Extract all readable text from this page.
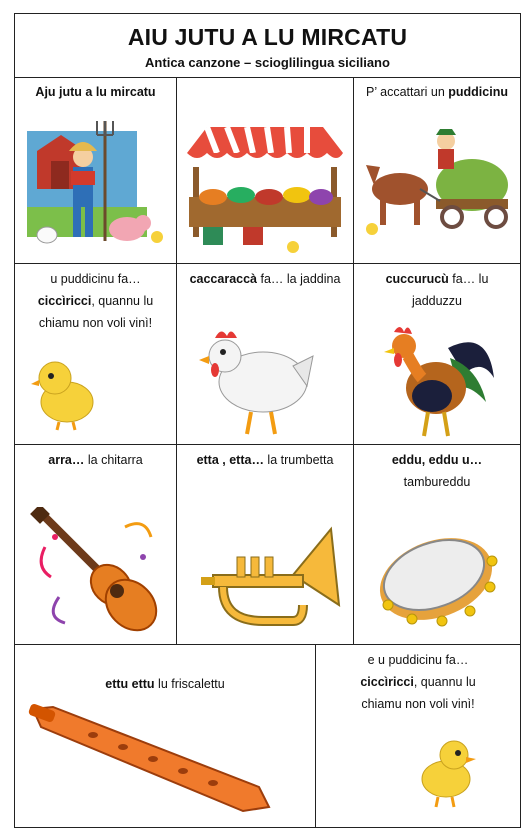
AIU JUTU A LU MIRCATU
Antica canzone – scioglilingua siciliano
Aju jutu a lu mircatu	P’ accattari un puddicinu
u puddicinu fa…
ciccìricci, quannu lu
chiamu non voli vinì!
caccaraccà fa… la jaddina	cuccurucù fa… lu
jadduzzu
arra… la chitarra	etta , etta… la trumbetta	eddu, eddu u…
tambureddu
ettu ettu lu friscalettu
e u puddicinu fa…
ciccìricci, quannu lu
chiamu non voli vinì!
